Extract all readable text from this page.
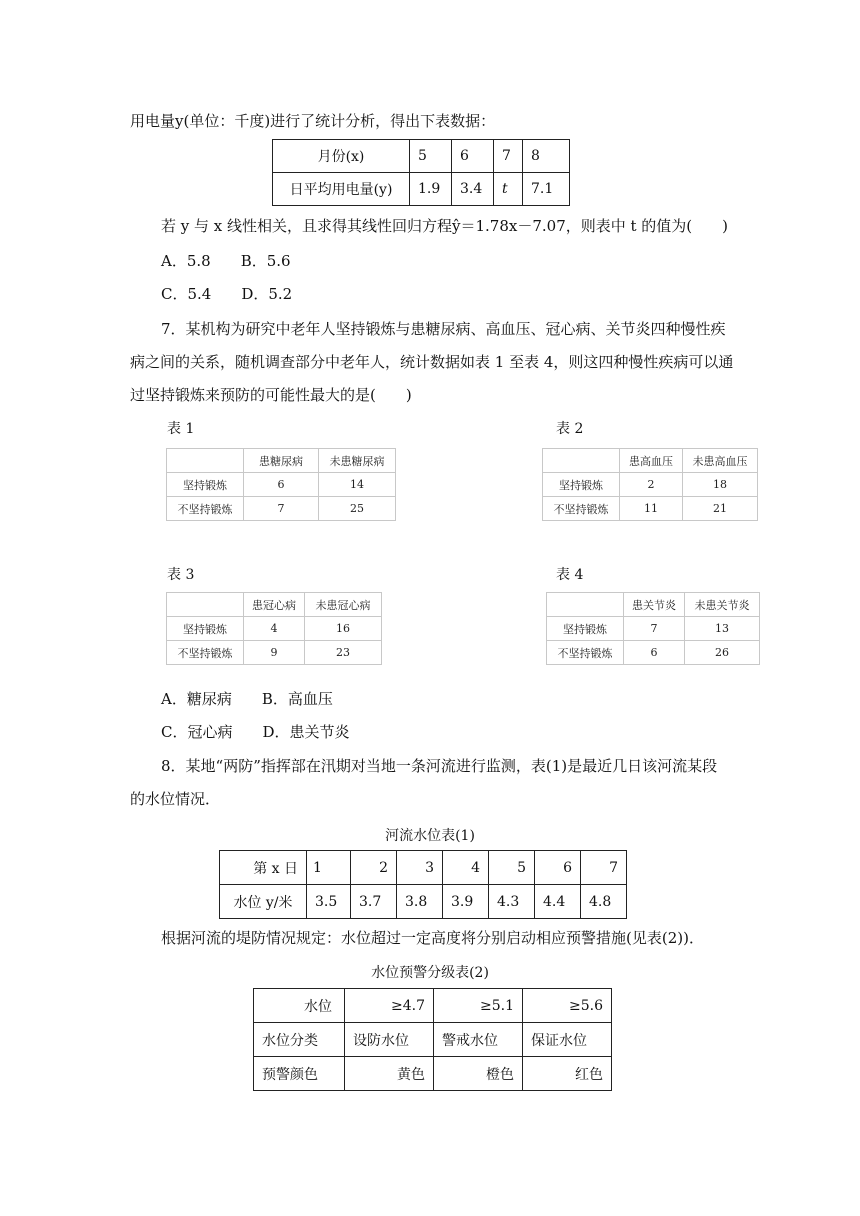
用电量y(单位：千度)进行了统计分析，得出下表数据：
月份(x)	5	6	7	8
日平均用电量(y)	1.9	3.4	t	7.1
若 y 与 x 线性相关，且求得其线性回归方程ŷ＝1.78x－7.07，则表中 t 的值为(　　)
A．5.8　　B．5.6
C．5.4　　D．5.2
7．某机构为研究中老年人坚持锻炼与患糖尿病、高血压、冠心病、关节炎四种慢性疾
病之间的关系，随机调查部分中老年人，统计数据如表 1 至表 4，则这四种慢性疾病可以通
过坚持锻炼来预防的可能性最大的是(　　)
表 1
	患糖尿病	未患糖尿病
坚持锻炼	6	14
不坚持锻炼	7	25
表 2
	患高血压	未患高血压
坚持锻炼	2	18
不坚持锻炼	11	21
表 3
	患冠心病	未患冠心病
坚持锻炼	4	16
不坚持锻炼	9	23
表 4
	患关节炎	未患关节炎
坚持锻炼	7	13
不坚持锻炼	6	26
A．糖尿病　　B．高血压
C．冠心病　　D．患关节炎
8．某地“两防”指挥部在汛期对当地一条河流进行监测，表(1)是最近几日该河流某段
的水位情况．
河流水位表(1)
第 x 日	1	2	3	4	5	6	7
水位 y/米	3.5	3.7	3.8	3.9	4.3	4.4	4.8
根据河流的堤防情况规定：水位超过一定高度将分别启动相应预警措施(见表(2))．
水位预警分级表(2)
水位	≥4.7	≥5.1	≥5.6
水位分类	设防水位	警戒水位	保证水位
预警颜色	黄色	橙色	红色
